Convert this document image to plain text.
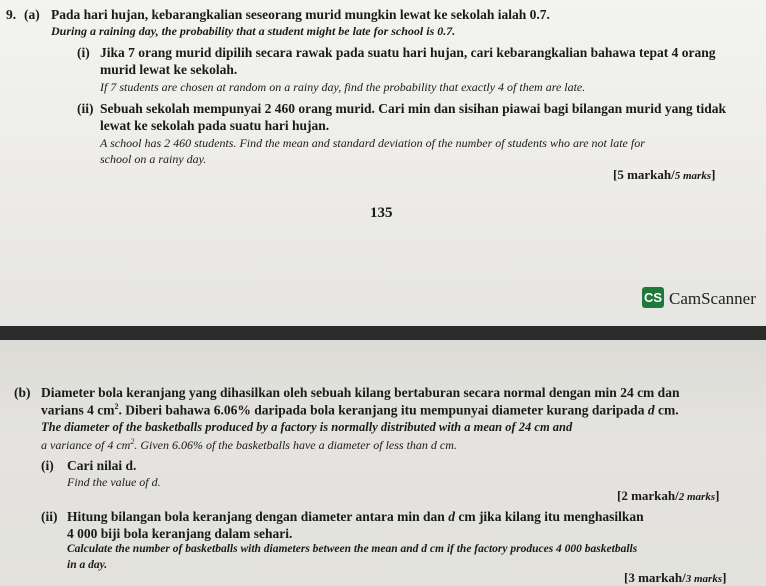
9. (a) Pada hari hujan, kebarangkalian seseorang murid mungkin lewat ke sekolah ialah 0.7.
During a raining day, the probability that a student might be late for school is 0.7.
(i) Jika 7 orang murid dipilih secara rawak pada suatu hari hujan, cari kebarangkalian bahawa tepat 4 orang
murid lewat ke sekolah.
If 7 students are chosen at random on a rainy day, find the probability that exactly 4 of them are late.
(ii) Sebuah sekolah mempunyai 2 460 orang murid. Cari min dan sisihan piawai bagi bilangan murid yang tidak
lewat ke sekolah pada suatu hari hujan.
A school has 2 460 students. Find the mean and standard deviation of the number of students who are not late for
school on a rainy day.
[5 markah/5 marks]
135
CS CamScanner
(b) Diameter bola keranjang yang dihasilkan oleh sebuah kilang bertaburan secara normal dengan min 24 cm dan
varians 4 $cm^2$. Diberi bahawa 6.06% daripada bola keranjang itu mempunyai diameter kurang daripada d cm.
The diameter of the basketballs produced by a factory is normally distributed with a mean of 24 cm and
a variance of 4 $cm^2$. Given 6.06% of the basketballs have a diameter of less than d cm.
(i) Cari nilai d.
Find the value of d.
[2 markah/2 marks]
(ii) Hitung bilangan bola keranjang dengan diameter antara min dan d cm jika kilang itu menghasilkan
4 000 biji bola keranjang dalam sehari.
Calculate the number of basketballs with diameters between the mean and d cm if the factory produces 4 000 basketballs
in a day.
[3 markah/3 marks]
